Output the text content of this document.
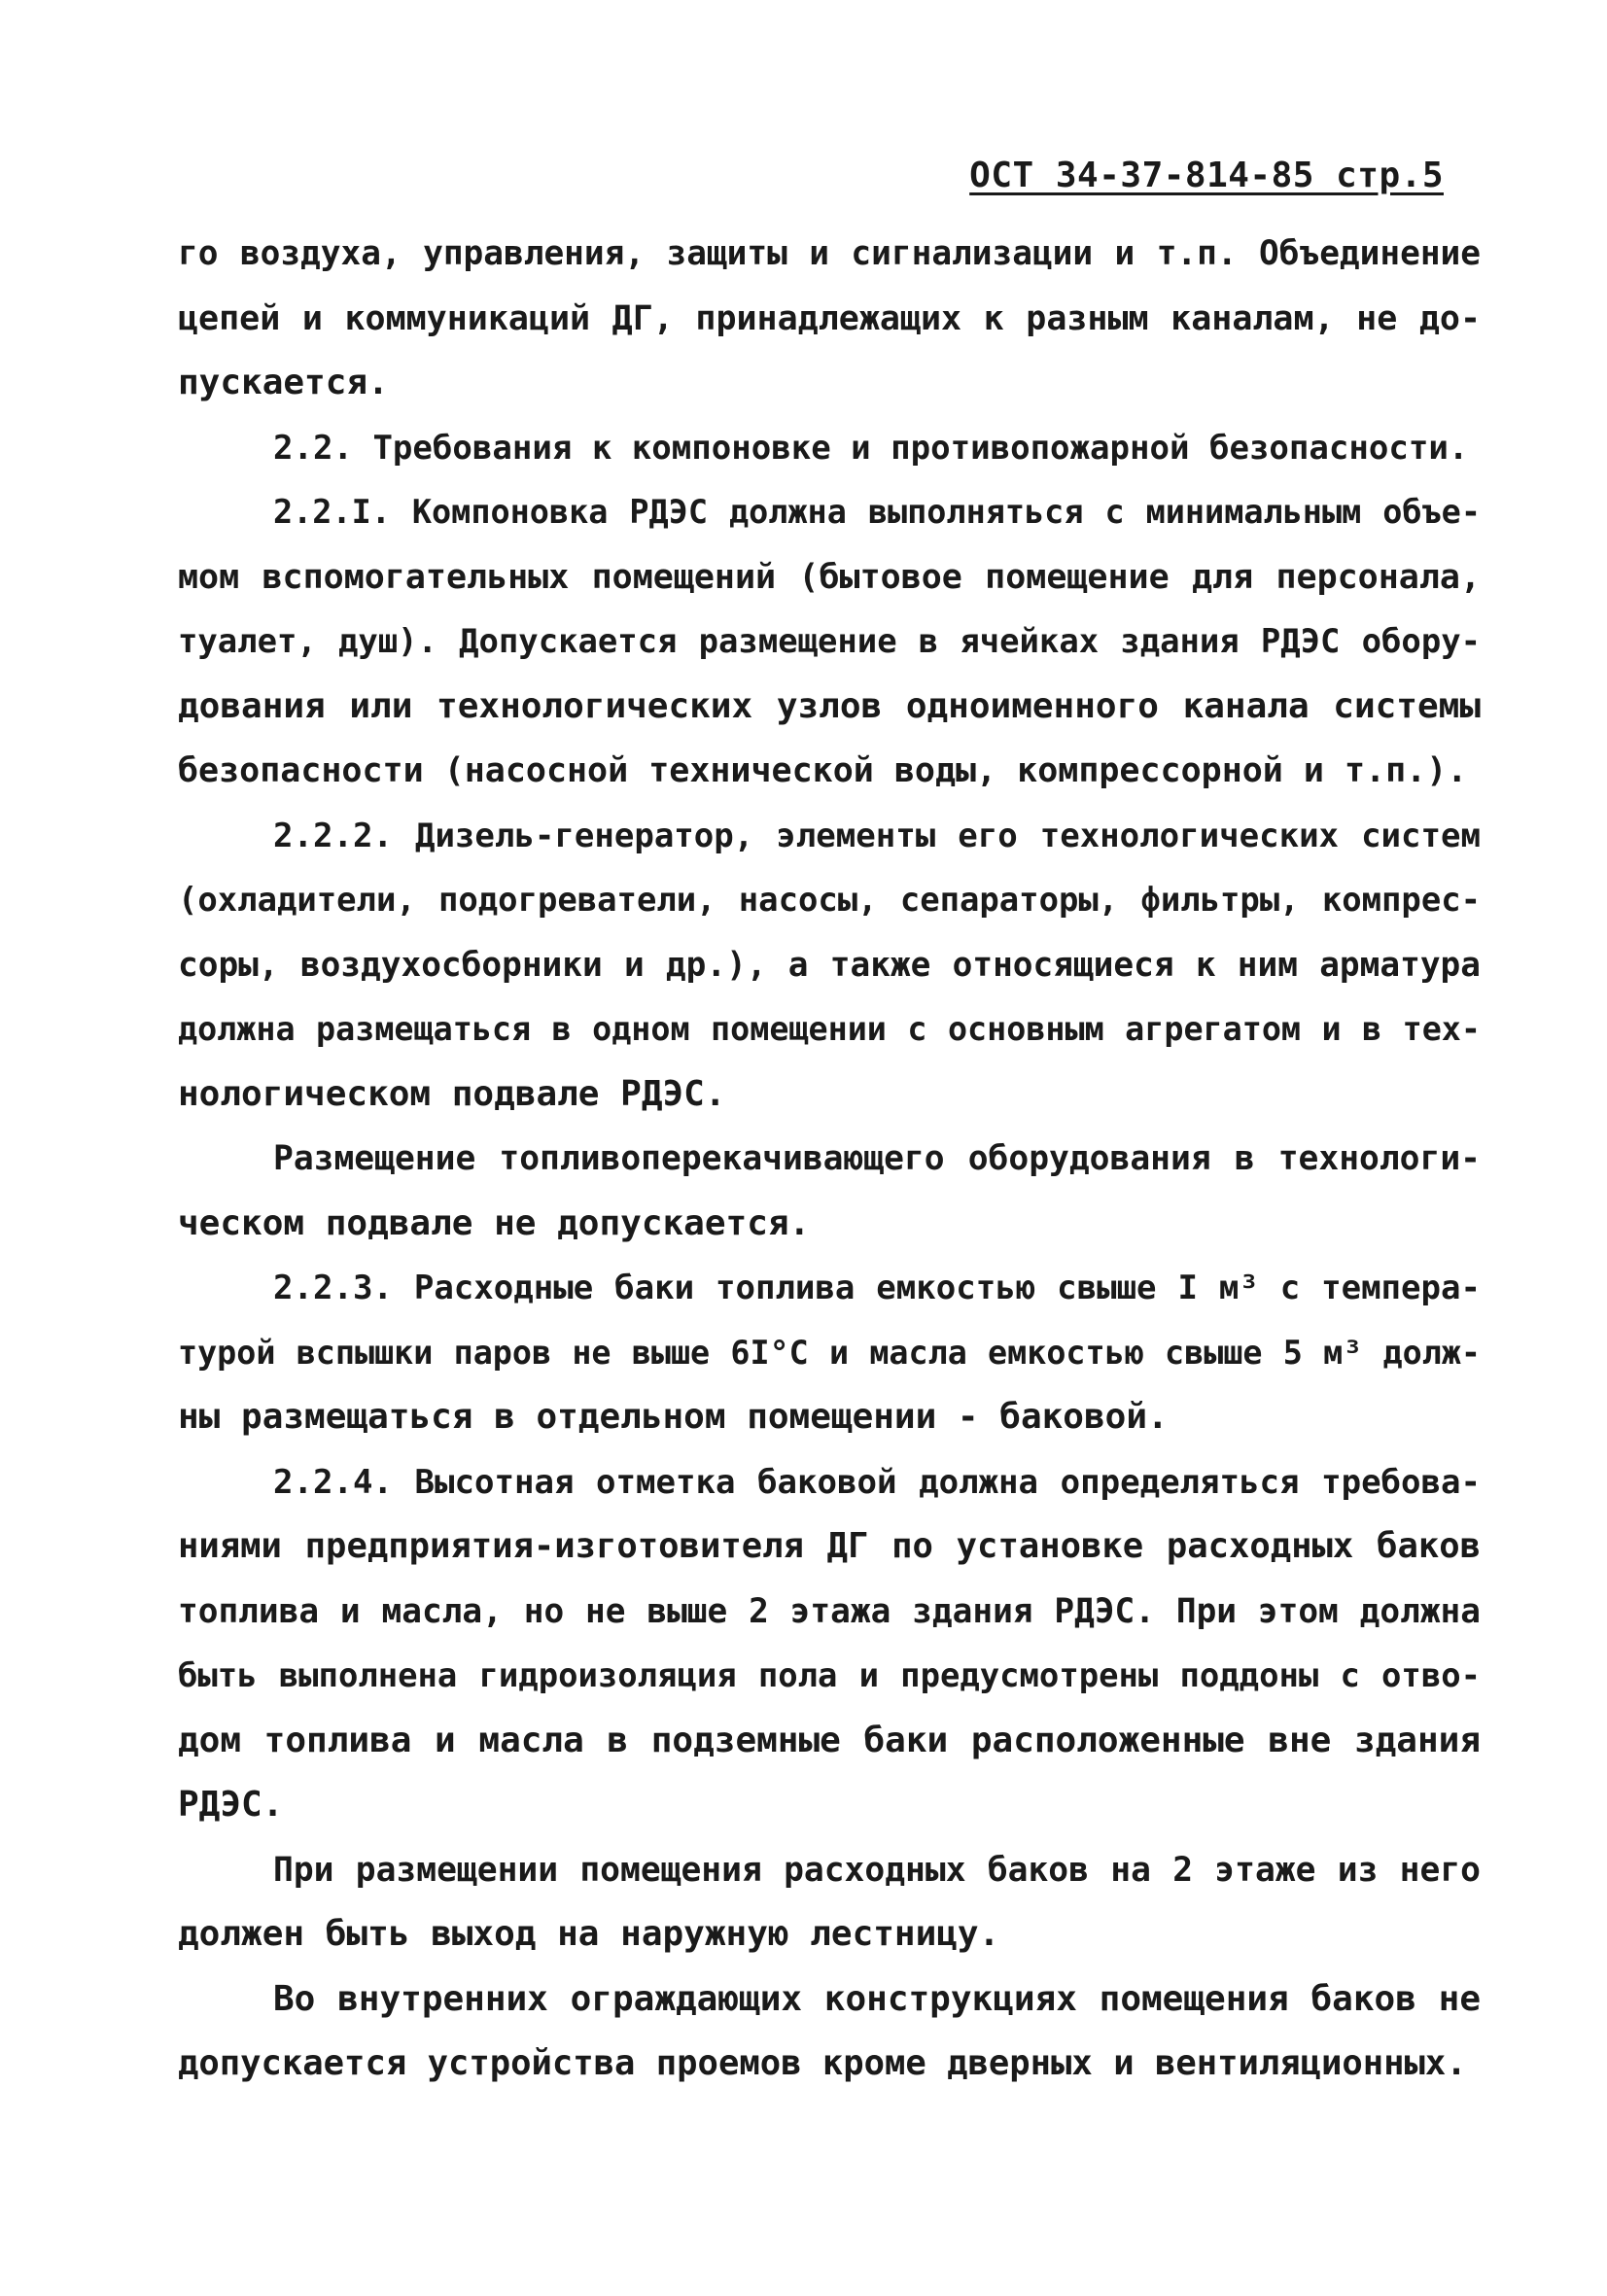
ОСТ 34-37-814-85 стр.5
го воздуха, управления, защиты и сигнализации и т.п. Объединение
цепей и коммуникаций ДГ, принадлежащих к разным каналам, не до-
пускается.
2.2. Требования к компоновке и противопожарной безопасности.
2.2.I. Компоновка РДЭС должна выполняться с минимальным объе-
мом вспомогательных помещений (бытовое помещение для персонала,
туалет, душ). Допускается размещение в ячейках здания РДЭС обору-
дования или технологических узлов одноименного канала системы
безопасности (насосной технической воды, компрессорной и т.п.).
2.2.2. Дизель-генератор, элементы его технологических систем
(охладители, подогреватели, насосы, сепараторы, фильтры, компрес-
соры, воздухосборники и др.), а также относящиеся к ним арматура
должна размещаться в одном помещении с основным агрегатом и в тех-
нологическом подвале РДЭС.
Размещение топливоперекачивающего оборудования в технологи-
ческом подвале не допускается.
2.2.3. Расходные баки топлива емкостью свыше I м³ с темпера-
турой вспышки паров не выше 6I°С и масла емкостью свыше 5 м³ долж-
ны размещаться в отдельном помещении - баковой.
2.2.4. Высотная отметка баковой должна определяться требова-
ниями предприятия-изготовителя ДГ по установке расходных баков
топлива и масла, но не выше 2 этажа здания РДЭС. При этом должна
быть выполнена гидроизоляция пола и предусмотрены поддоны с отво-
дом топлива и масла в подземные баки расположенные вне здания
РДЭС.
При размещении помещения расходных баков на 2 этаже из него
должен быть выход на наружную лестницу.
Во внутренних ограждающих конструкциях помещения баков не
допускается устройства проемов кроме дверных и вентиляционных.
